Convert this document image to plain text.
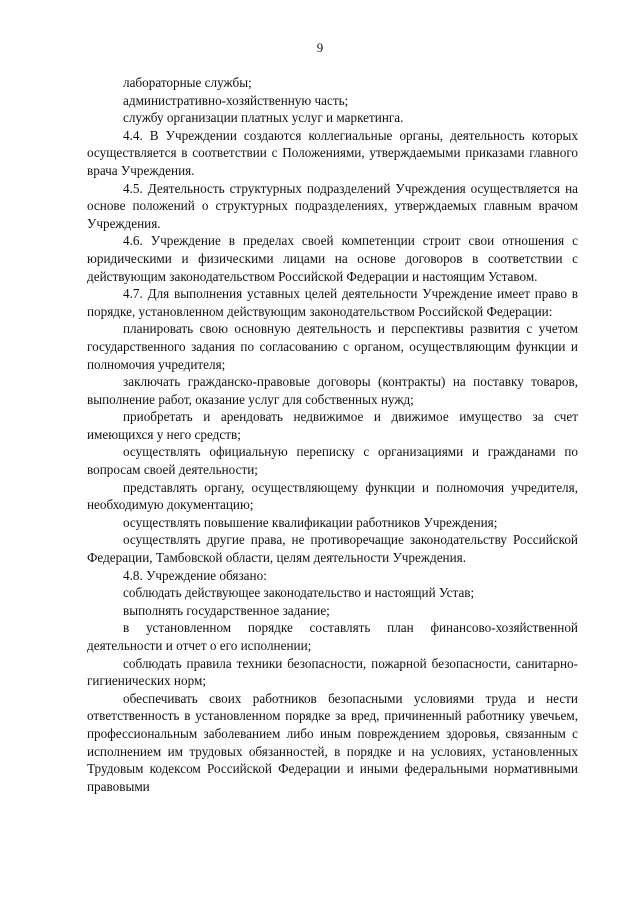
9

лабораторные службы;

административно-хозяйственную часть;

службу организации платных услуг и маркетинга.

4.4. В Учреждении создаются коллегиальные органы, деятельность которых осуществляется в соответствии с Положениями, утверждаемыми приказами главного врача Учреждения.

4.5. Деятельность структурных подразделений Учреждения осуществляется на основе положений о структурных подразделениях, утверждаемых главным врачом Учреждения.

4.6. Учреждение в пределах своей компетенции строит свои отношения с юридическими и физическими лицами на основе договоров в соответствии с действующим законодательством Российской Федерации и настоящим Уставом.

4.7. Для выполнения уставных целей деятельности Учреждение имеет право в порядке, установленном действующим законодательством Российской Федерации:

планировать свою основную деятельность и перспективы развития с учетом государственного задания по согласованию с органом, осуществляющим функции и полномочия учредителя;

заключать гражданско-правовые договоры (контракты) на поставку товаров, выполнение работ, оказание услуг для собственных нужд;

приобретать и арендовать недвижимое и движимое имущество за счет имеющихся у него средств;

осуществлять официальную переписку с организациями и гражданами по вопросам своей деятельности;

представлять органу, осуществляющему функции и полномочия учредителя, необходимую документацию;

осуществлять повышение квалификации работников Учреждения;

осуществлять другие права, не противоречащие законодательству Российской Федерации, Тамбовской области, целям деятельности Учреждения.

4.8. Учреждение обязано:

соблюдать действующее законодательство и настоящий Устав;

выполнять государственное задание;

в установленном порядке составлять план финансово-хозяйственной деятельности и отчет о его исполнении;

соблюдать правила техники безопасности, пожарной безопасности, санитарно-гигиенических норм;

обеспечивать своих работников безопасными условиями труда и нести ответственность в установленном порядке за вред, причиненный работнику увечьем, профессиональным заболеванием либо иным повреждением здоровья, связанным с исполнением им трудовых обязанностей, в порядке и на условиях, установленных Трудовым кодексом Российской Федерации и иными федеральными нормативными правовыми
